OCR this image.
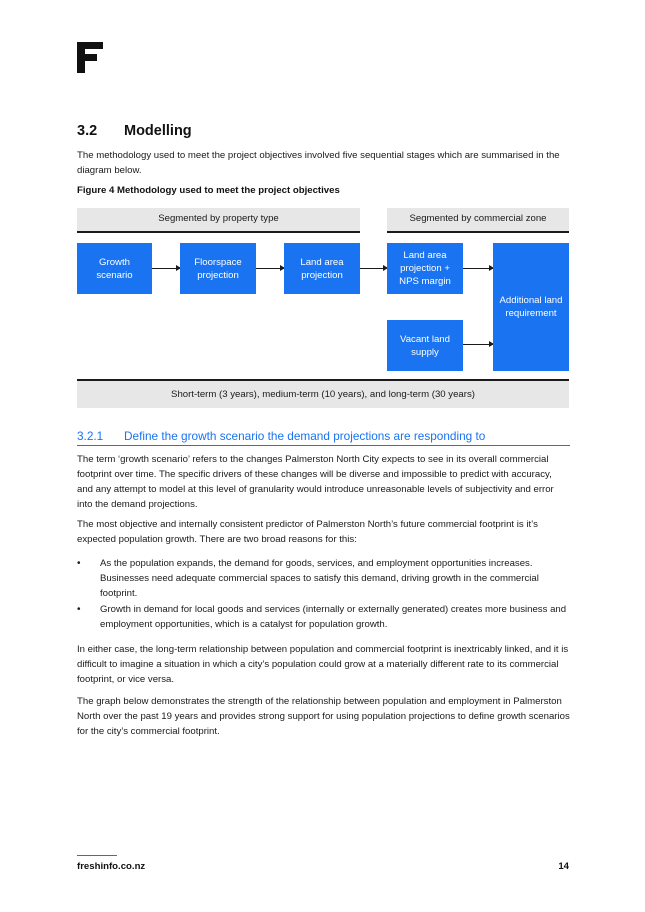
3.2 Modelling

The methodology used to meet the project objectives involved five sequential stages which are summarised in the diagram below.

Figure 4 Methodology used to meet the project objectives
Segmented by property type	Segmented by commercial zone
Growth scenario
Floorspace projection
Land area projection
Land area projection + NPS margin
Vacant land supply
Additional land requirement
Short-term (3 years), medium-term (10 years), and long-term (30 years)
3.2.1 Define the growth scenario the demand projections are responding to

The term ‘growth scenario’ refers to the changes Palmerston North City expects to see in its overall commercial footprint over time. The specific drivers of these changes will be diverse and impossible to predict with accuracy, and any attempt to model at this level of granularity would introduce unreasonable levels of subjectivity and error into the demand projections.

The most objective and internally consistent predictor of Palmerston North’s future commercial footprint is it’s expected population growth. There are two broad reasons for this:

• As the population expands, the demand for goods, services, and employment opportunities increases. Businesses need adequate commercial spaces to satisfy this demand, driving growth in the commercial footprint.
• Growth in demand for local goods and services (internally or externally generated) creates more business and employment opportunities, which is a catalyst for population growth.

In either case, the long-term relationship between population and commercial footprint is inextricably linked, and it is difficult to imagine a situation in which a city’s population could grow at a materially different rate to its commercial footprint, or vice versa.

The graph below demonstrates the strength of the relationship between population and employment in Palmerston North over the past 19 years and provides strong support for using population projections to define growth scenarios for the city’s commercial footprint.

freshinfo.co.nz	14
